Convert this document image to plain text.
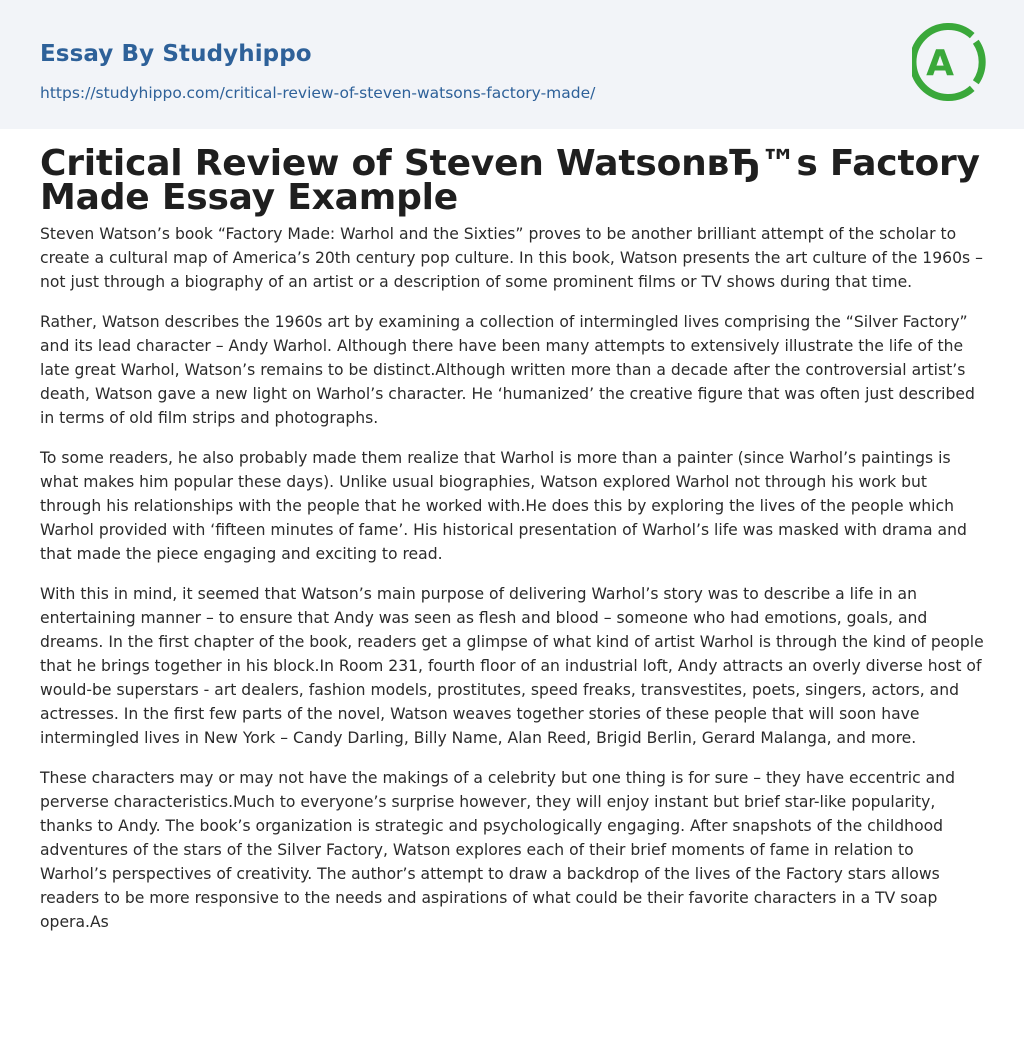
Essay By Studyhippo
https://studyhippo.com/critical-review-of-steven-watsons-factory-made/
A
Critical Review of Steven WatsonвЂ™s Factory Made Essay Example

Steven Watson’s book “Factory Made: Warhol and the Sixties” proves to be another brilliant attempt of the scholar to create a cultural map of America’s 20th century pop culture. In this book, Watson presents the art culture of the 1960s – not just through a biography of an artist or a description of some prominent films or TV shows during that time.

Rather, Watson describes the 1960s art by examining a collection of intermingled lives comprising the “Silver Factory” and its lead character – Andy Warhol. Although there have been many attempts to extensively illustrate the life of the late great Warhol, Watson’s remains to be distinct.Although written more than a decade after the controversial artist’s death, Watson gave a new light on Warhol’s character. He ‘humanized’ the creative figure that was often just described in terms of old film strips and photographs.

To some readers, he also probably made them realize that Warhol is more than a painter (since Warhol’s paintings is what makes him popular these days). Unlike usual biographies, Watson explored Warhol not through his work but through his relationships with the people that he worked with.He does this by exploring the lives of the people which Warhol provided with ‘fifteen minutes of fame’. His historical presentation of Warhol’s life was masked with drama and that made the piece engaging and exciting to read.

With this in mind, it seemed that Watson’s main purpose of delivering Warhol’s story was to describe a life in an entertaining manner – to ensure that Andy was seen as flesh and blood – someone who had emotions, goals, and dreams. In the first chapter of the book, readers get a glimpse of what kind of artist Warhol is through the kind of people that he brings together in his block.In Room 231, fourth floor of an industrial loft, Andy attracts an overly diverse host of would-be superstars - art dealers, fashion models, prostitutes, speed freaks, transvestites, poets, singers, actors, and actresses. In the first few parts of the novel, Watson weaves together stories of these people that will soon have intermingled lives in New York – Candy Darling, Billy Name, Alan Reed, Brigid Berlin, Gerard Malanga, and more.

These characters may or may not have the makings of a celebrity but one thing is for sure – they have eccentric and perverse characteristics.Much to everyone’s surprise however, they will enjoy instant but brief star-like popularity, thanks to Andy. The book’s organization is strategic and psychologically engaging. After snapshots of the childhood adventures of the stars of the Silver Factory, Watson explores each of their brief moments of fame in relation to Warhol’s perspectives of creativity. The author’s attempt to draw a backdrop of the lives of the Factory stars allows readers to be more responsive to the needs and aspirations of what could be their favorite characters in a TV soap opera.As
